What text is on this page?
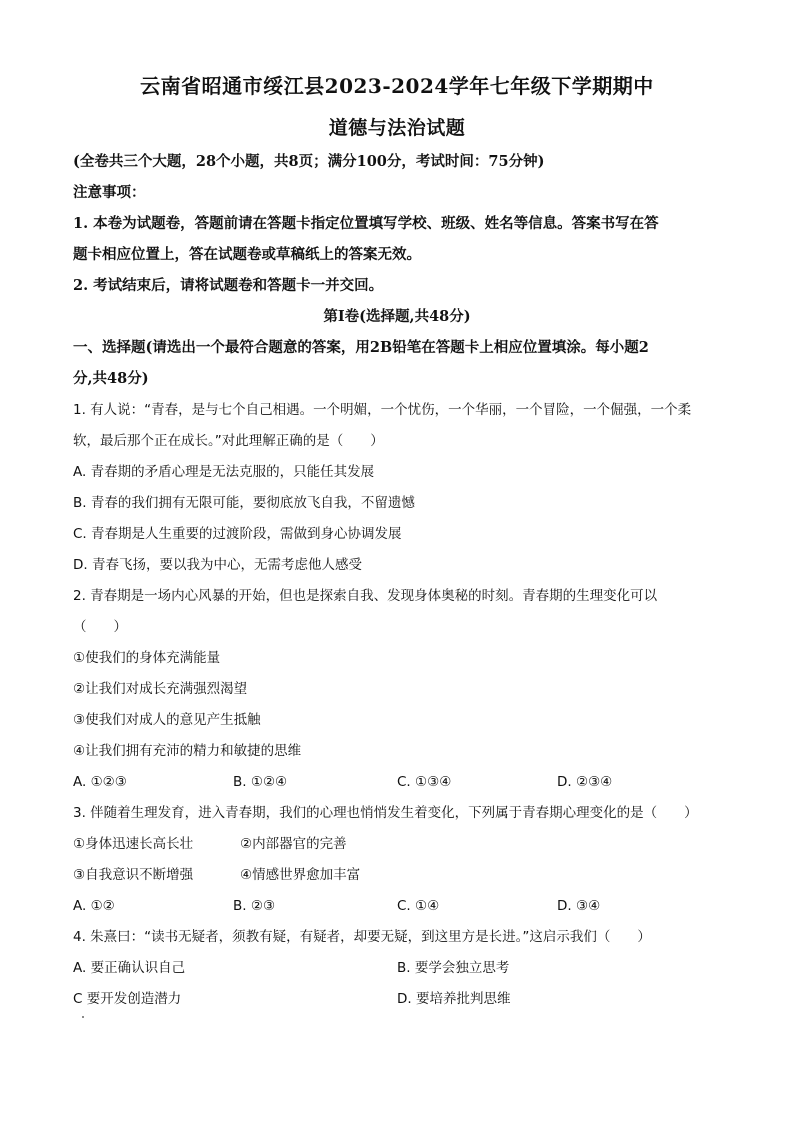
云南省昭通市绥江县2023-2024学年七年级下学期期中
道德与法治试题
(全卷共三个大题，28个小题，共8页；满分100分，考试时间：75分钟)
注意事项：
1. 本卷为试题卷，答题前请在答题卡指定位置填写学校、班级、姓名等信息。答案书写在答
题卡相应位置上，答在试题卷或草稿纸上的答案无效。
2. 考试结束后，请将试题卷和答题卡一并交回。
第Ⅰ卷(选择题,共48分)
一、选择题(请选出一个最符合题意的答案，用2B铅笔在答题卡上相应位置填涂。每小题2
分,共48分)
1. 有人说：“青春，是与七个自己相遇。一个明媚，一个忧伤，一个华丽，一个冒险，一个倔强，一个柔
软，最后那个正在成长。”对此理解正确的是（　　）
A. 青春期的矛盾心理是无法克服的，只能任其发展
B. 青春的我们拥有无限可能，要彻底放飞自我，不留遗憾
C. 青春期是人生重要的过渡阶段，需做到身心协调发展
D. 青春飞扬，要以我为中心，无需考虑他人感受
2. 青春期是一场内心风暴的开始，但也是探索自我、发现身体奥秘的时刻。青春期的生理变化可以
（　　）
①使我们的身体充满能量
②让我们对成长充满强烈渴望
③使我们对成人的意见产生抵触
④让我们拥有充沛的精力和敏捷的思维
A. ①②③	B. ①②④	C. ①③④	D. ②③④
3. 伴随着生理发育，进入青春期，我们的心理也悄悄发生着变化，下列属于青春期心理变化的是（　　）
①身体迅速长高长壮	②内部器官的完善
③自我意识不断增强	④情感世界愈加丰富
A. ①②	B. ②③	C. ①④	D. ③④
4. 朱熹曰：“读书无疑者，须教有疑，有疑者，却要无疑，到这里方是长进。”这启示我们（　　）
A. 要正确认识自己	B. 要学会独立思考
C 要开发创造潜力	D. 要培养批判思维
